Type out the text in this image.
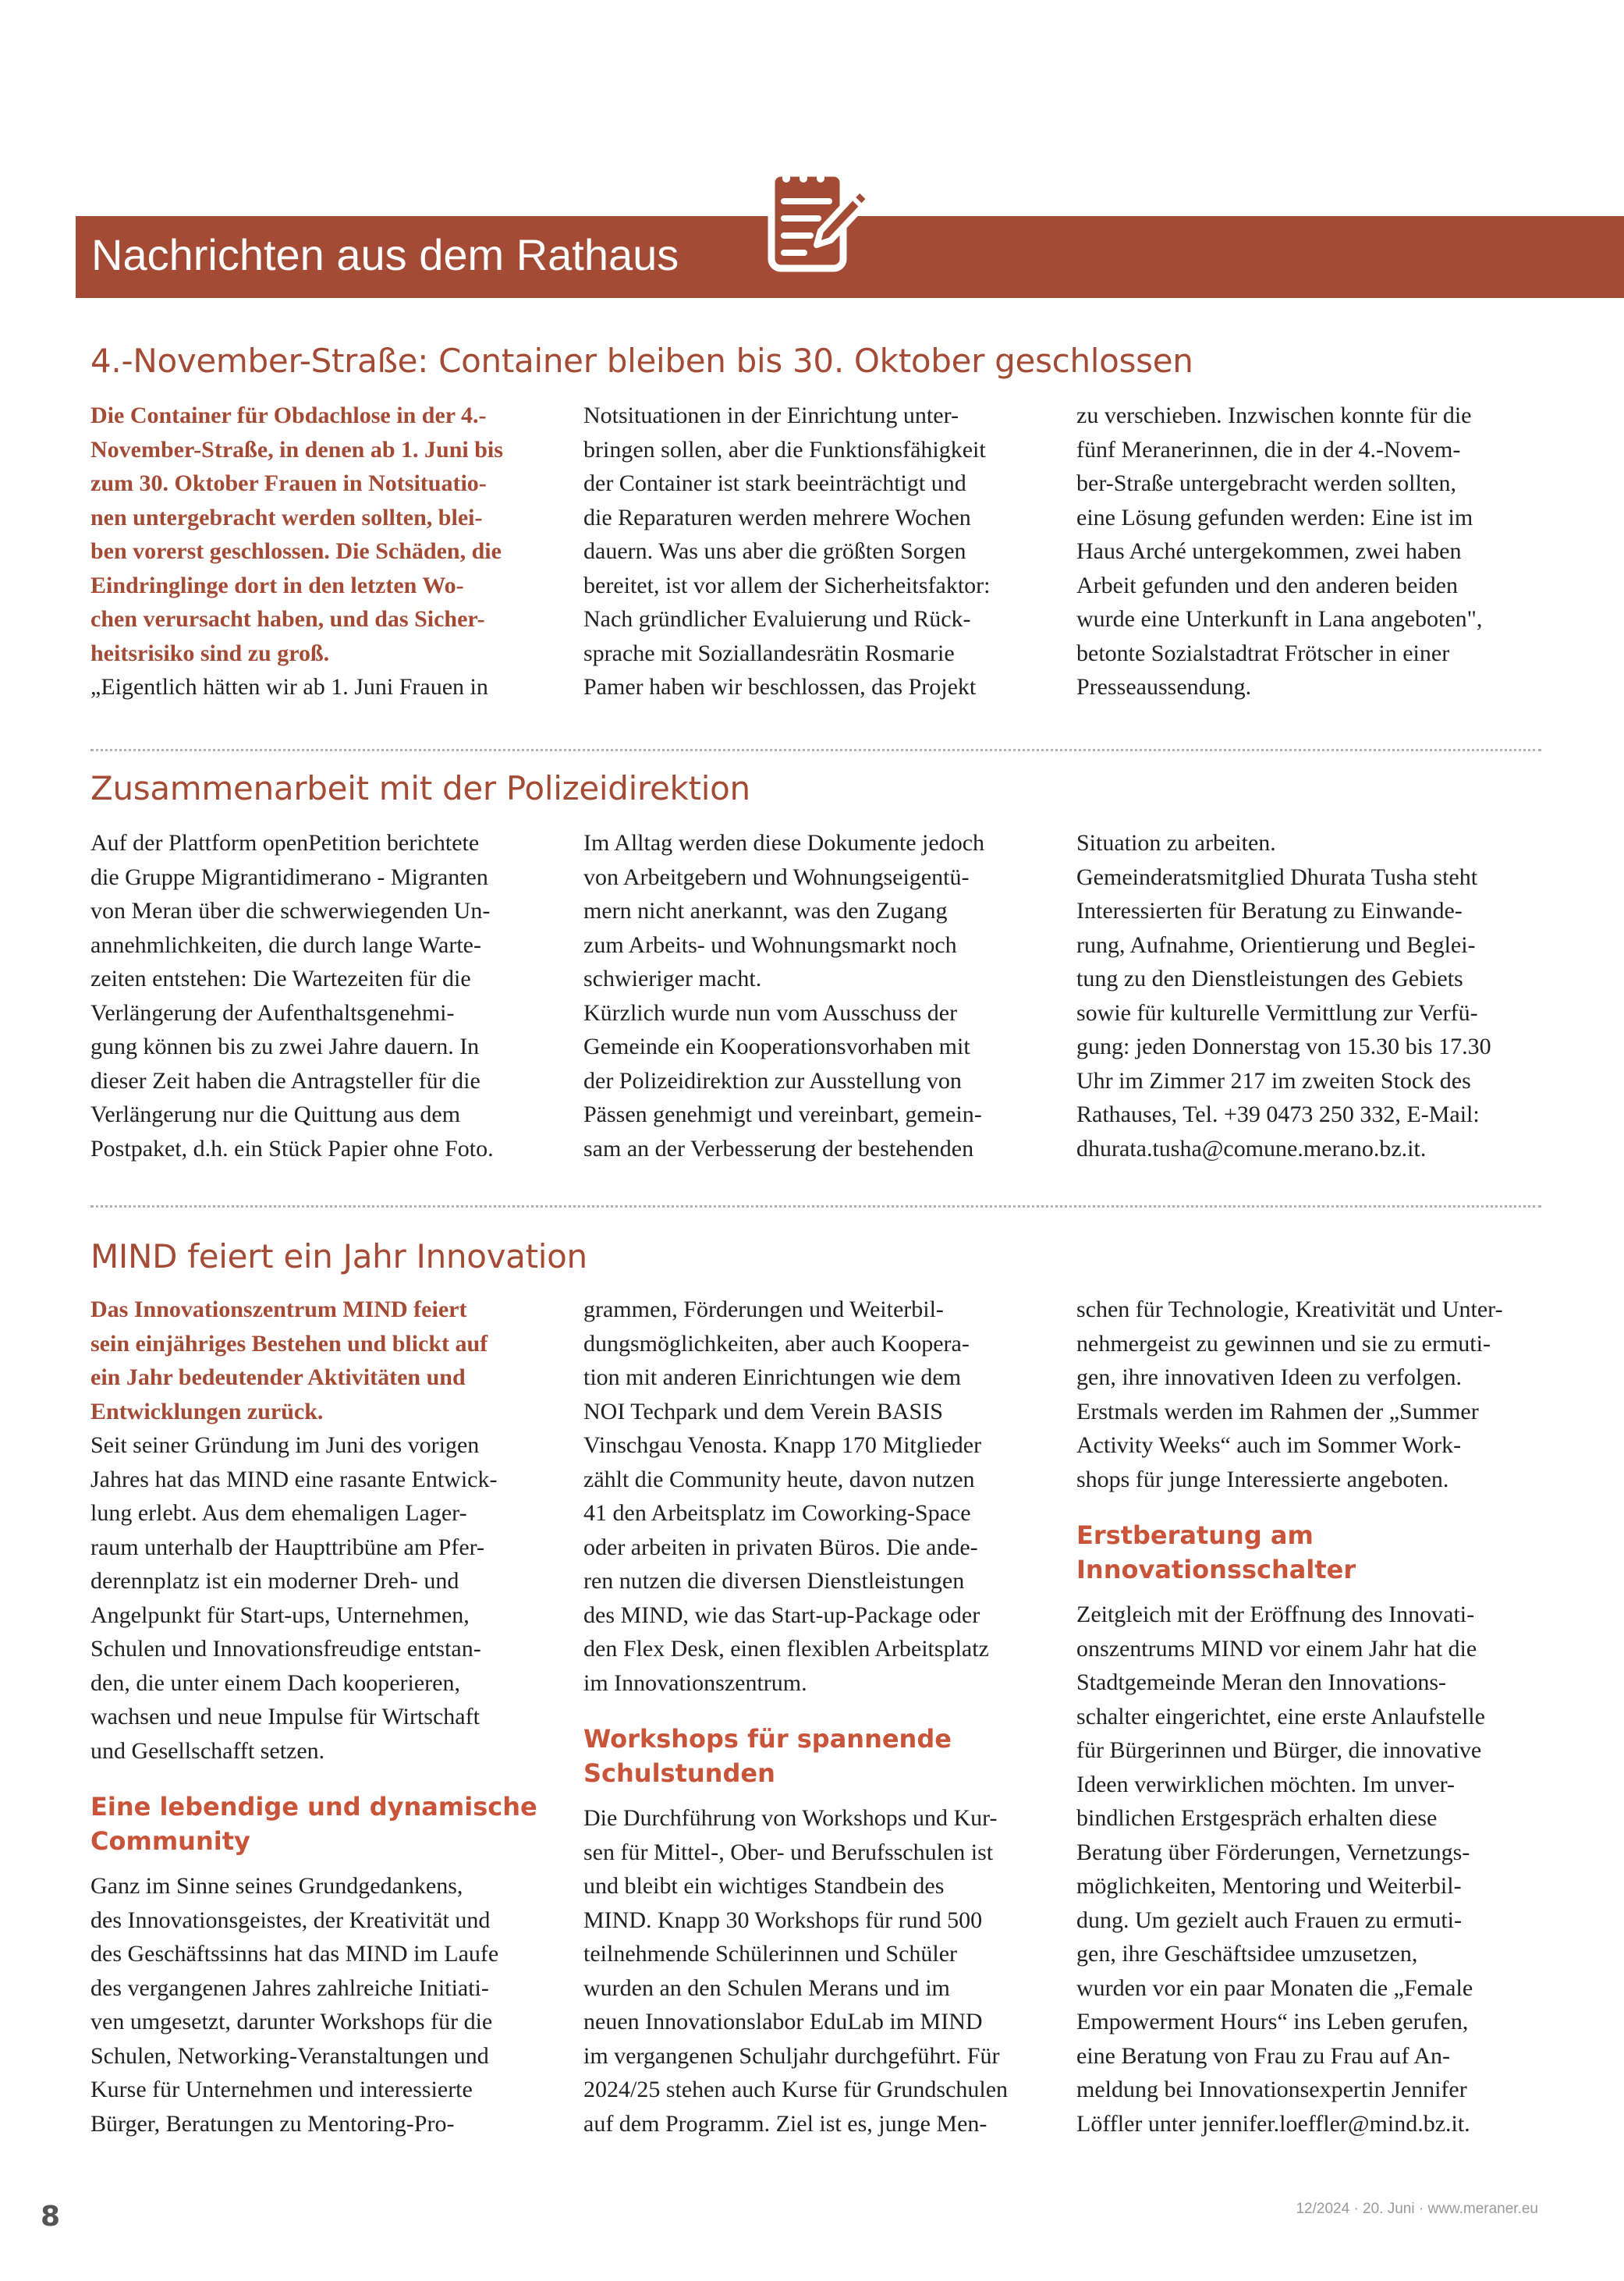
Nachrichten aus dem Rathaus
4.-November-Straße: Container bleiben bis 30. Oktober geschlossen

Die Container für Obdachlose in der 4.-
November-Straße, in denen ab 1. Juni bis
zum 30. Oktober Frauen in Notsituatio-
nen untergebracht werden sollten, blei-
ben vorerst geschlossen. Die Schäden, die
Eindringlinge dort in den letzten Wo-
chen verursacht haben, und das Sicher-
heitsrisiko sind zu groß.

„Eigentlich hätten wir ab 1. Juni Frauen in

Notsituationen in der Einrichtung unter-
bringen sollen, aber die Funktionsfähigkeit
der Container ist stark beeinträchtigt und
die Reparaturen werden mehrere Wochen
dauern. Was uns aber die größten Sorgen
bereitet, ist vor allem der Sicherheitsfaktor:
Nach gründlicher Evaluierung und Rück-
sprache mit Soziallandesrätin Rosmarie
Pamer haben wir beschlossen, das Projekt

zu verschieben. Inzwischen konnte für die
fünf Meranerinnen, die in der 4.-Novem-
ber-Straße untergebracht werden sollten,
eine Lösung gefunden werden: Eine ist im
Haus Arché untergekommen, zwei haben
Arbeit gefunden und den anderen beiden
wurde eine Unterkunft in Lana angeboten",
betonte Sozialstadtrat Frötscher in einer
Presseaussendung.

Zusammenarbeit mit der Polizeidirektion

Auf der Plattform openPetition berichtete
die Gruppe Migrantidimerano - Migranten
von Meran über die schwerwiegenden Un-
annehmlichkeiten, die durch lange Warte-
zeiten entstehen: Die Wartezeiten für die
Verlängerung der Aufenthaltsgenehmi-
gung können bis zu zwei Jahre dauern. In
dieser Zeit haben die Antragsteller für die
Verlängerung nur die Quittung aus dem
Postpaket, d.h. ein Stück Papier ohne Foto.

Im Alltag werden diese Dokumente jedoch
von Arbeitgebern und Wohnungseigentü-
mern nicht anerkannt, was den Zugang
zum Arbeits- und Wohnungsmarkt noch
schwieriger macht.
Kürzlich wurde nun vom Ausschuss der
Gemeinde ein Kooperationsvorhaben mit
der Polizeidirektion zur Ausstellung von
Pässen genehmigt und vereinbart, gemein-
sam an der Verbesserung der bestehenden

Situation zu arbeiten.
Gemeinderatsmitglied Dhurata Tusha steht
Interessierten für Beratung zu Einwande-
rung, Aufnahme, Orientierung und Beglei-
tung zu den Dienstleistungen des Gebiets
sowie für kulturelle Vermittlung zur Verfü-
gung: jeden Donnerstag von 15.30 bis 17.30
Uhr im Zimmer 217 im zweiten Stock des
Rathauses, Tel. +39 0473 250 332, E-Mail:
dhurata.tusha@comune.merano.bz.it.

MIND feiert ein Jahr Innovation

Das Innovationszentrum MIND feiert
sein einjähriges Bestehen und blickt auf
ein Jahr bedeutender Aktivitäten und
Entwicklungen zurück.

Seit seiner Gründung im Juni des vorigen
Jahres hat das MIND eine rasante Entwick-
lung erlebt. Aus dem ehemaligen Lager-
raum unterhalb der Haupttribüne am Pfer-
derennplatz ist ein moderner Dreh- und
Angelpunkt für Start-ups, Unternehmen,
Schulen und Innovationsfreudige entstan-
den, die unter einem Dach kooperieren,
wachsen und neue Impulse für Wirtschaft
und Gesellschafft setzen.

Eine lebendige und dynamische
Community

Ganz im Sinne seines Grundgedankens,
des Innovationsgeistes, der Kreativität und
des Geschäftssinns hat das MIND im Laufe
des vergangenen Jahres zahlreiche Initiati-
ven umgesetzt, darunter Workshops für die
Schulen, Networking-Veranstaltungen und
Kurse für Unternehmen und interessierte
Bürger, Beratungen zu Mentoring-Pro-

grammen, Förderungen und Weiterbil-
dungsmöglichkeiten, aber auch Koopera-
tion mit anderen Einrichtungen wie dem
NOI Techpark und dem Verein BASIS
Vinschgau Venosta. Knapp 170 Mitglieder
zählt die Community heute, davon nutzen
41 den Arbeitsplatz im Coworking-Space
oder arbeiten in privaten Büros. Die ande-
ren nutzen die diversen Dienstleistungen
des MIND, wie das Start-up-Package oder
den Flex Desk, einen flexiblen Arbeitsplatz
im Innovationszentrum.

Workshops für spannende
Schulstunden

Die Durchführung von Workshops und Kur-
sen für Mittel-, Ober- und Berufsschulen ist
und bleibt ein wichtiges Standbein des
MIND. Knapp 30 Workshops für rund 500
teilnehmende Schülerinnen und Schüler
wurden an den Schulen Merans und im
neuen Innovationslabor EduLab im MIND
im vergangenen Schuljahr durchgeführt. Für
2024/25 stehen auch Kurse für Grundschulen
auf dem Programm. Ziel ist es, junge Men-

schen für Technologie, Kreativität und Unter-
nehmergeist zu gewinnen und sie zu ermuti-
gen, ihre innovativen Ideen zu verfolgen.
Erstmals werden im Rahmen der „Summer
Activity Weeks“ auch im Sommer Work-
shops für junge Interessierte angeboten.

Erstberatung am
Innovationsschalter

Zeitgleich mit der Eröffnung des Innovati-
onszentrums MIND vor einem Jahr hat die
Stadtgemeinde Meran den Innovations-
schalter eingerichtet, eine erste Anlaufstelle
für Bürgerinnen und Bürger, die innovative
Ideen verwirklichen möchten. Im unver-
bindlichen Erstgespräch erhalten diese
Beratung über Förderungen, Vernetzungs-
möglichkeiten, Mentoring und Weiterbil-
dung. Um gezielt auch Frauen zu ermuti-
gen, ihre Geschäftsidee umzusetzen,
wurden vor ein paar Monaten die „Female
Empowerment Hours“ ins Leben gerufen,
eine Beratung von Frau zu Frau auf An-
meldung bei Innovationsexpertin Jennifer
Löffler unter jennifer.loeffler@mind.bz.it.

8	12/2024 · 20. Juni · www.meraner.eu
